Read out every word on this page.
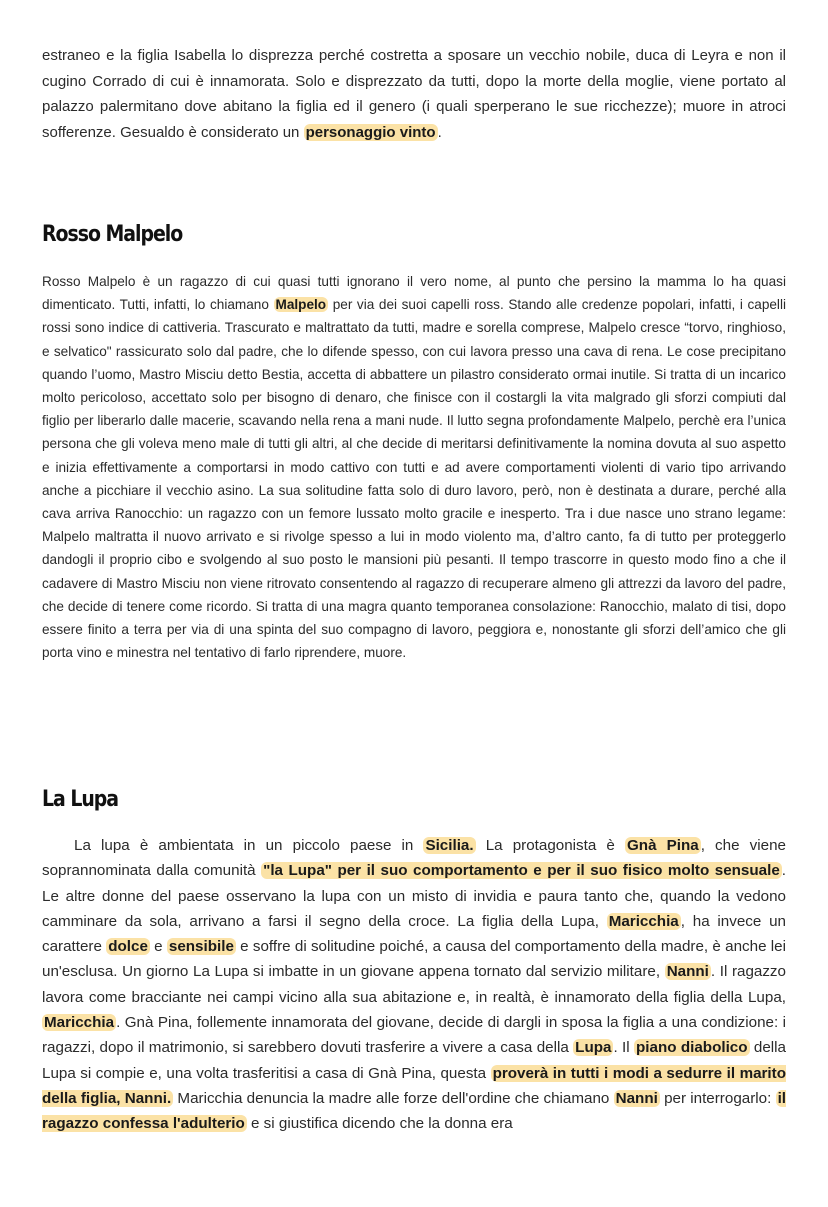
estraneo e la figlia Isabella lo disprezza perché costretta a sposare un vecchio nobile, duca di Leyra e non il cugino Corrado di cui è innamorata. Solo e disprezzato da tutti, dopo la morte della moglie, viene portato al palazzo palermitano dove abitano la figlia ed il genero (i quali sperperano le sue ricchezze); muore in atroci sofferenze. Gesualdo è considerato un personaggio vinto .

Rosso Malpelo

Rosso Malpelo è un ragazzo di cui quasi tutti ignorano il vero nome, al punto che persino la mamma lo ha quasi dimenticato. Tutti, infatti, lo chiamano Malpelo per via dei suoi capelli ross. Stando alle credenze popolari, infatti, i capelli rossi sono indice di cattiveria. Trascurato e maltrattato da tutti, madre e sorella comprese, Malpelo cresce “torvo, ringhioso, e selvatico" rassicurato solo dal padre, che lo difende spesso, con cui lavora presso una cava di rena. Le cose precipitano quando l’uomo, Mastro Misciu detto Bestia, accetta di abbattere un pilastro considerato ormai inutile. Si tratta di un incarico molto pericoloso, accettato solo per bisogno di denaro, che finisce con il costargli la vita malgrado gli sforzi compiuti dal figlio per liberarlo dalle macerie, scavando nella rena a mani nude. Il lutto segna profondamente Malpelo, perchè era l’unica persona che gli voleva meno male di tutti gli altri, al che decide di meritarsi definitivamente la nomina dovuta al suo aspetto e inizia effettivamente a comportarsi in modo cattivo con tutti e ad avere comportamenti violenti di vario tipo arrivando anche a picchiare il vecchio asino. La sua solitudine fatta solo di duro lavoro, però, non è destinata a durare, perché alla cava arriva Ranocchio: un ragazzo con un femore lussato molto gracile e inesperto. Tra i due nasce uno strano legame: Malpelo maltratta il nuovo arrivato e si rivolge spesso a lui in modo violento ma, d’altro canto, fa di tutto per proteggerlo dandogli il proprio cibo e svolgendo al suo posto le mansioni più pesanti. Il tempo trascorre in questo modo fino a che il cadavere di Mastro Misciu non viene ritrovato consentendo al ragazzo di recuperare almeno gli attrezzi da lavoro del padre, che decide di tenere come ricordo. Si tratta di una magra quanto temporanea consolazione: Ranocchio, malato di tisi, dopo essere finito a terra per via di una spinta del suo compagno di lavoro, peggiora e, nonostante gli sforzi dell’amico che gli porta vino e minestra nel tentativo di farlo riprendere, muore.

La Lupa

La lupa è ambientata in un piccolo paese in Sicilia. La protagonista è Gnà Pina , che viene soprannominata dalla comunità "la Lupa" per il suo comportamento e per il suo fisico molto sensuale . Le altre donne del paese osservano la lupa con un misto di invidia e paura tanto che, quando la vedono camminare da sola, arrivano a farsi il segno della croce. La figlia della Lupa, Maricchia , ha invece un carattere dolce e sensibile e soffre di solitudine poiché, a causa del comportamento della madre, è anche lei un'esclusa. Un giorno La Lupa si imbatte in un giovane appena tornato dal servizio militare, Nanni . Il ragazzo lavora come bracciante nei campi vicino alla sua abitazione e, in realtà, è innamorato della figlia della Lupa, Maricchia . Gnà Pina, follemente innamorata del giovane, decide di dargli in sposa la figlia a una condizione: i ragazzi, dopo il matrimonio, si sarebbero dovuti trasferire a vivere a casa della Lupa . Il piano diabolico della Lupa si compie e, una volta trasferitisi a casa di Gnà Pina, questa proverà in tutti i modi a sedurre il marito della figlia, Nanni. Maricchia denuncia la madre alle forze dell'ordine che chiamano Nanni per interrogarlo: il ragazzo confessa l'adulterio e si giustifica dicendo che la donna era
